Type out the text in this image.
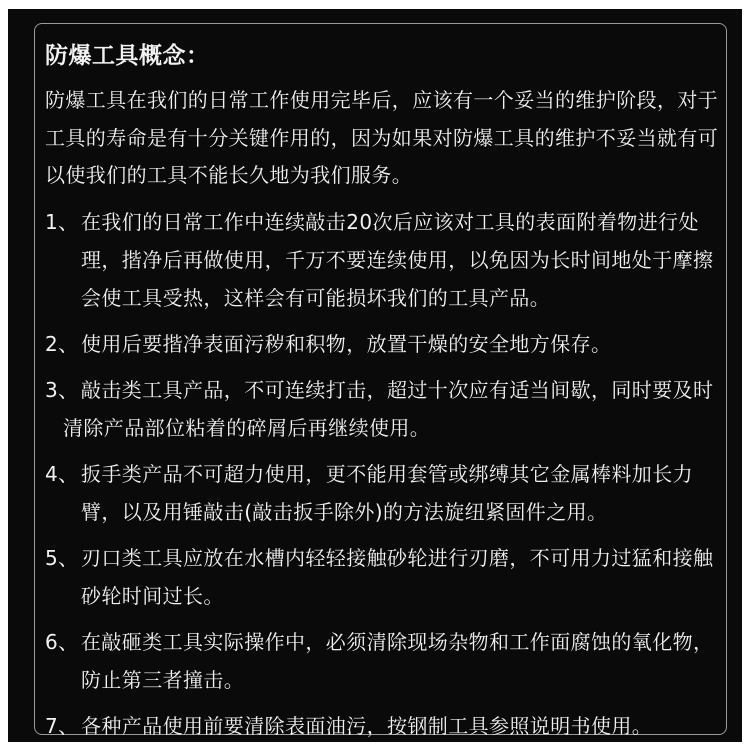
防爆工具概念：
防爆工具在我们的日常工作使用完毕后，应该有一个妥当的维护阶段，对于工具的寿命是有十分关键作用的，因为如果对防爆工具的维护不妥当就有可以使我们的工具不能长久地为我们服务。
1、 在我们的日常工作中连续敲击20次后应该对工具的表面附着物进行处理，揩净后再做使用，千万不要连续使用，以免因为长时间地处于摩擦会使工具受热，这样会有可能损坏我们的工具产品。
2、 使用后要揩净表面污秽和积物，放置干燥的安全地方保存。
3、 敲击类工具产品，不可连续打击，超过十次应有适当间歇，同时要及时清除产品部位粘着的碎屑后再继续使用。
4、 扳手类产品不可超力使用，更不能用套管或绑缚其它金属棒料加长力臂，以及用锤敲击(敲击扳手除外)的方法旋纽紧固件之用。
5、 刃口类工具应放在水槽内轻轻接触砂轮进行刃磨，不可用力过猛和接触砂轮时间过长。
6、 在敲砸类工具实际操作中，必须清除现场杂物和工作面腐蚀的氧化物，防止第三者撞击。
7、 各种产品使用前要清除表面油污，按钢制工具参照说明书使用。
